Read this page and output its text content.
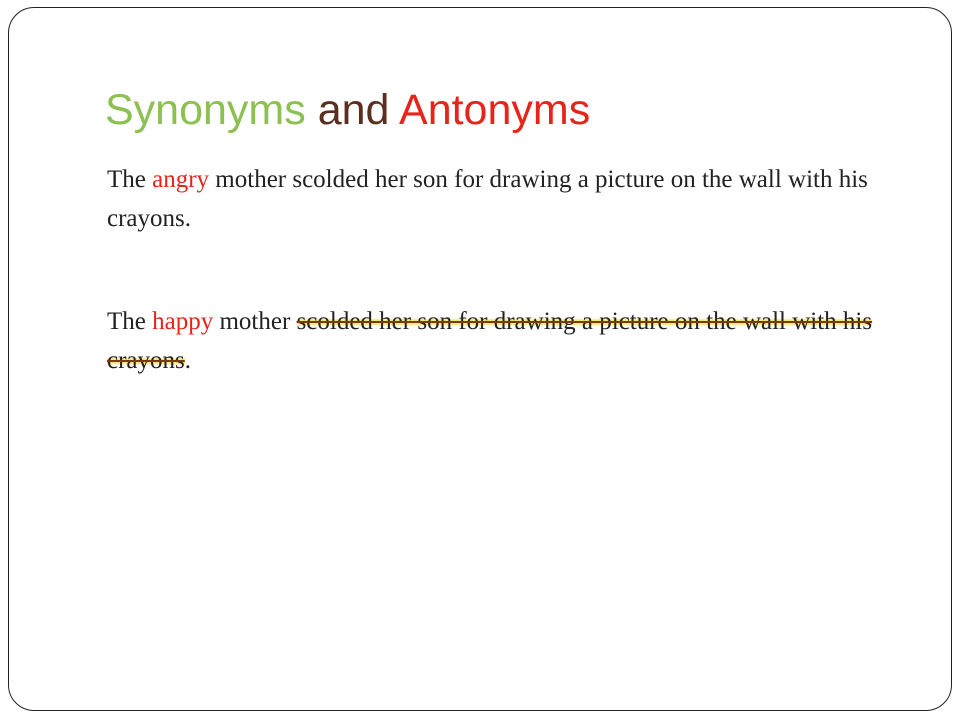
Synonyms and Antonyms

The angry mother scolded her son for drawing a picture on the wall with his crayons.

The happy mother scolded her son for drawing a picture on the wall with his crayons.
